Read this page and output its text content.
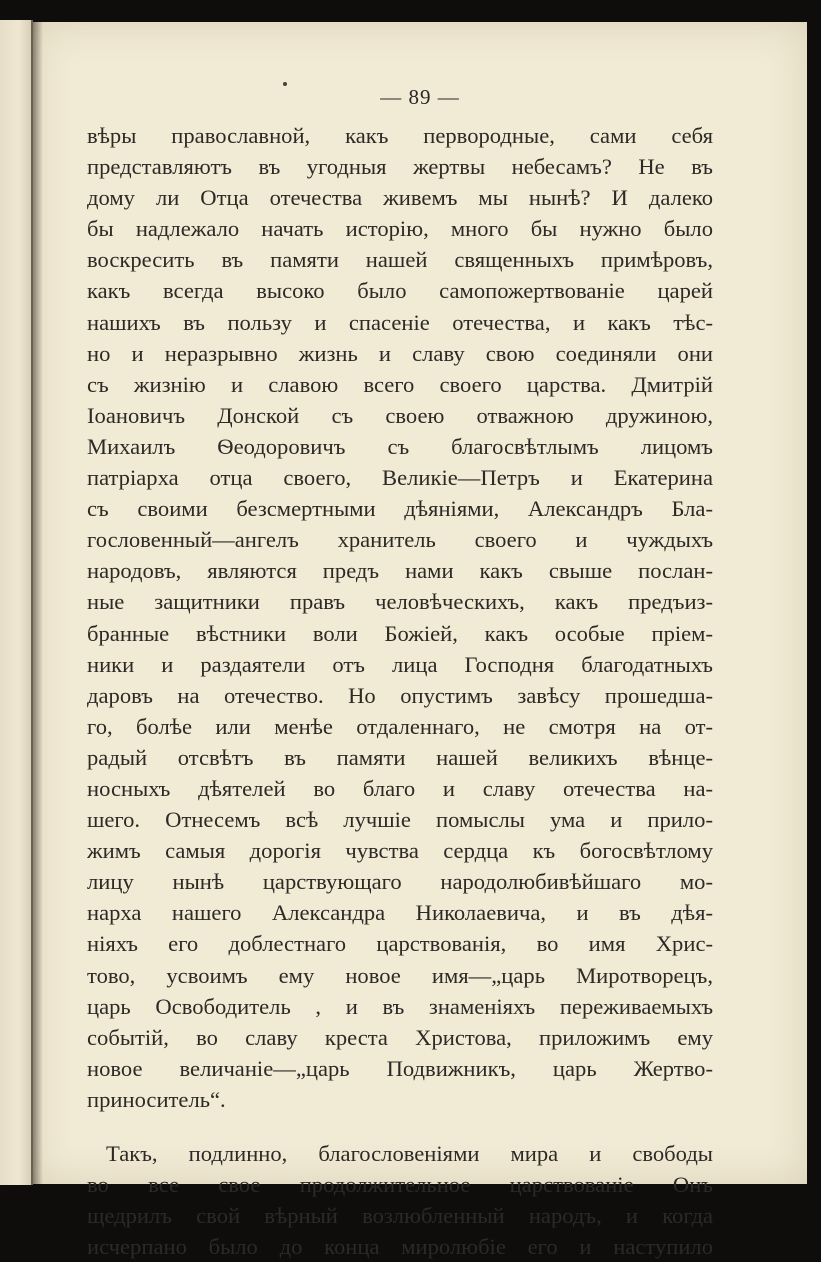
— 89 —
вѣры православной, какъ первородные, сами себя
представляютъ въ угодныя жертвы небесамъ? Не въ
дому ли Отца отечества живемъ мы нынѣ? И далеко
бы надлежало начать исторію, много бы нужно было
воскресить въ памяти нашей священныхъ примѣровъ,
какъ всегда высоко было самопожертвованіе царей
нашихъ въ пользу и спасеніе отечества, и какъ тѣс-
но и неразрывно жизнь и славу свою соединяли они
съ жизнію и славою всего своего царства. Дмитрій
Іоановичъ Донской съ своею отважною дружиною,
Михаилъ Ѳеодоровичъ съ благосвѣтлымъ лицомъ
патріарха отца своего, Великіе—Петръ и Екатерина
съ своими безсмертными дѣяніями, Александръ Бла-
гословенный—ангелъ хранитель своего и чуждыхъ
народовъ, являются предъ нами какъ свыше послан-
ные защитники правъ человѣческихъ, какъ предъиз-
бранные вѣстники воли Божіей, какъ особые пріем-
ники и раздаятели отъ лица Господня благодатныхъ
даровъ на отечество. Но опустимъ завѣсу прошедша-
го, болѣе или менѣе отдаленнаго, не смотря на от-
радый отсвѣтъ въ памяти нашей великихъ вѣнце-
носныхъ дѣятелей во благо и славу отечества на-
шего. Отнесемъ всѣ лучшіе помыслы ума и прило-
жимъ самыя дорогія чувства сердца къ богосвѣтлому
лицу нынѣ царствующаго народолюбивѣйшаго мо-
нарха нашего Александра Николаевича, и въ дѣя-
ніяхъ его доблестнаго царствованія, во имя Хрис-
тово, усвоимъ ему новое имя—„царь Миротворецъ,
царь Освободитель , и въ знаменіяхъ переживаемыхъ
событій, во славу креста Христова, приложимъ ему
новое величаніе—„царь Подвижникъ, царь Жертво-
приноситель“.
Такъ, подлинно, благословеніями мира и свободы
во все свое продолжительное царствованіе Онъ
щедрилъ свой вѣрный возлюбленный народъ, и когда
исчерпано было до конца миролюбіе его и наступило
